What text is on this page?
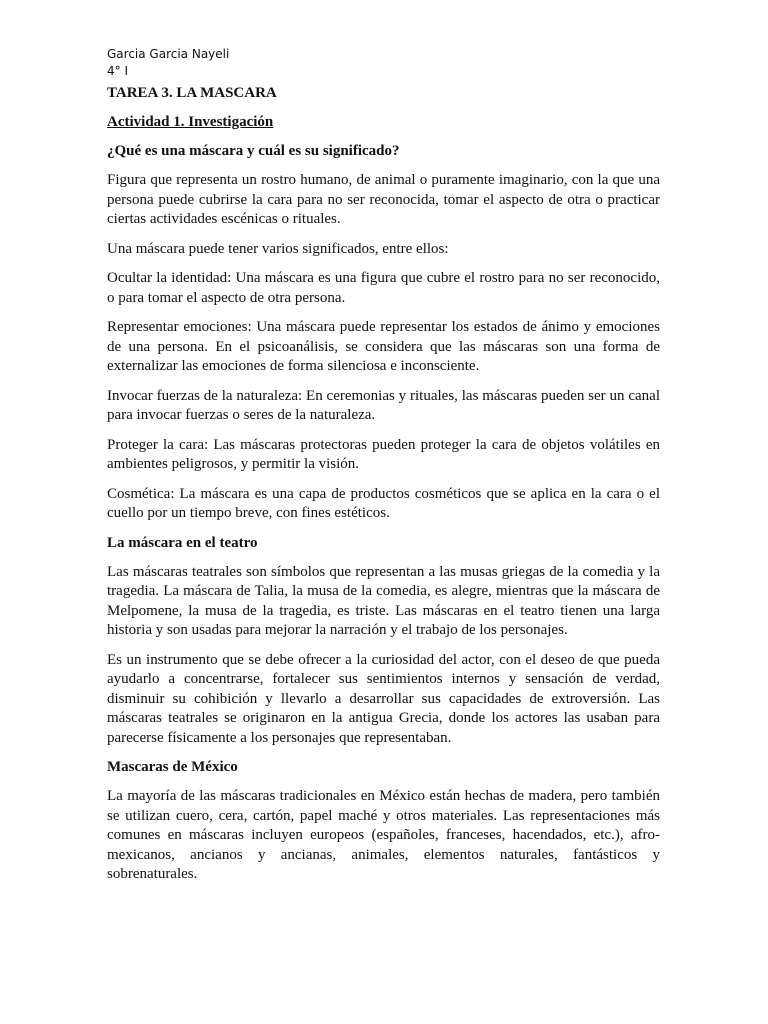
Garcia Garcia Nayeli

4° I

TAREA 3. LA MASCARA

Actividad 1. Investigación

¿Qué es una máscara y cuál es su significado?

Figura que representa un rostro humano, de animal o puramente imaginario, con la que una persona puede cubrirse la cara para no ser reconocida, tomar el aspecto de otra o practicar ciertas actividades escénicas o rituales.

Una máscara puede tener varios significados, entre ellos:

Ocultar la identidad: Una máscara es una figura que cubre el rostro para no ser reconocido, o para tomar el aspecto de otra persona.

Representar emociones: Una máscara puede representar los estados de ánimo y emociones de una persona. En el psicoanálisis, se considera que las máscaras son una forma de externalizar las emociones de forma silenciosa e inconsciente.

Invocar fuerzas de la naturaleza: En ceremonias y rituales, las máscaras pueden ser un canal para invocar fuerzas o seres de la naturaleza.

Proteger la cara: Las máscaras protectoras pueden proteger la cara de objetos volátiles en ambientes peligrosos, y permitir la visión.

Cosmética: La máscara es una capa de productos cosméticos que se aplica en la cara o el cuello por un tiempo breve, con fines estéticos.

La máscara en el teatro

Las máscaras teatrales son símbolos que representan a las musas griegas de la comedia y la tragedia. La máscara de Talia, la musa de la comedia, es alegre, mientras que la máscara de Melpomene, la musa de la tragedia, es triste. Las máscaras en el teatro tienen una larga historia y son usadas para mejorar la narración y el trabajo de los personajes.

Es un instrumento que se debe ofrecer a la curiosidad del actor, con el deseo de que pueda ayudarlo a concentrarse, fortalecer sus sentimientos internos y sensación de verdad, disminuir su cohibición y llevarlo a desarrollar sus capacidades de extroversión. Las máscaras teatrales se originaron en la antigua Grecia, donde los actores las usaban para parecerse físicamente a los personajes que representaban.

Mascaras de México

La mayoría de las máscaras tradicionales en México están hechas de madera, pero también se utilizan cuero, cera, cartón, papel maché y otros materiales. Las representaciones más comunes en máscaras incluyen europeos (españoles, franceses, hacendados, etc.), afro-mexicanos, ancianos y ancianas, animales, elementos naturales, fantásticos y sobrenaturales.
